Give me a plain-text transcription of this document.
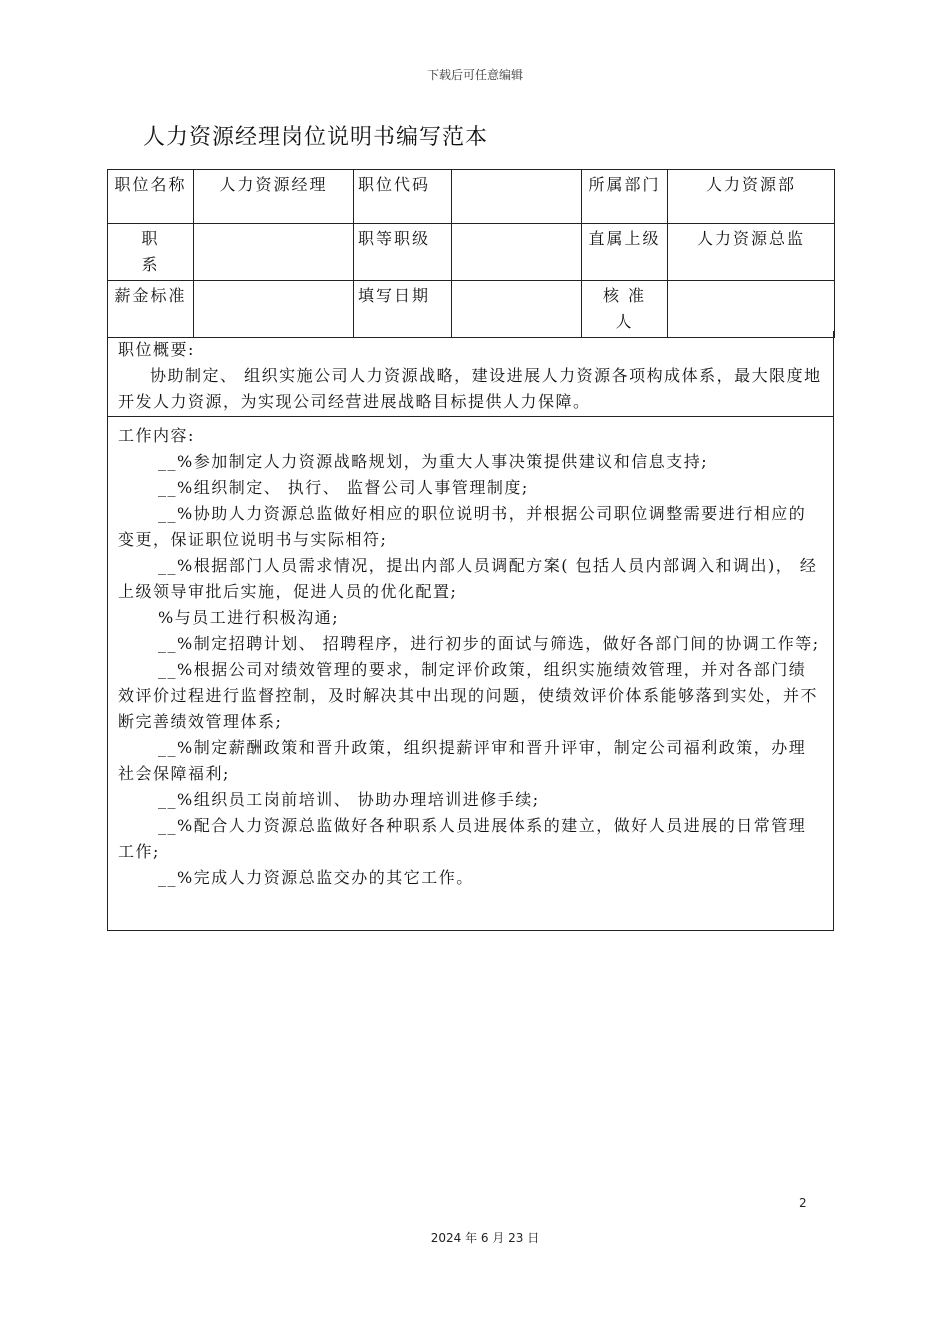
下载后可任意编辑
人力资源经理岗位说明书编写范本
职位名称	人力资源经理	职位代码		所属部门	人力资源部
职
系		职等职级		直属上级	人力资源总监
薪金标准		填写日期		核 准
人	

职位概要:

协助制定、 组织实施公司人力资源战略，建设进展人力资源各项构成体系，最大限度地开发人力资源，为实现公司经营进展战略目标提供人力保障。

工作内容:

__%参加制定人力资源战略规划，为重大人事决策提供建议和信息支持;

__%组织制定、 执行、 监督公司人事管理制度;

__%协助人力资源总监做好相应的职位说明书，并根据公司职位调整需要进行相应的变更，保证职位说明书与实际相符;

__%根据部门人员需求情况，提出内部人员调配方案( 包括人员内部调入和调出)， 经上级领导审批后实施，促进人员的优化配置;

%与员工进行积极沟通;

__%制定招聘计划、 招聘程序，进行初步的面试与筛选，做好各部门间的协调工作等;

__%根据公司对绩效管理的要求，制定评价政策，组织实施绩效管理，并对各部门绩效评价过程进行监督控制，及时解决其中出现的问题，使绩效评价体系能够落到实处，并不断完善绩效管理体系;

__%制定薪酬政策和晋升政策，组织提薪评审和晋升评审，制定公司福利政策，办理社会保障福利;

__%组织员工岗前培训、 协助办理培训进修手续;

__%配合人力资源总监做好各种职系人员进展体系的建立，做好人员进展的日常管理工作;

__%完成人力资源总监交办的其它工作。

2
2024 年 6 月 23 日
